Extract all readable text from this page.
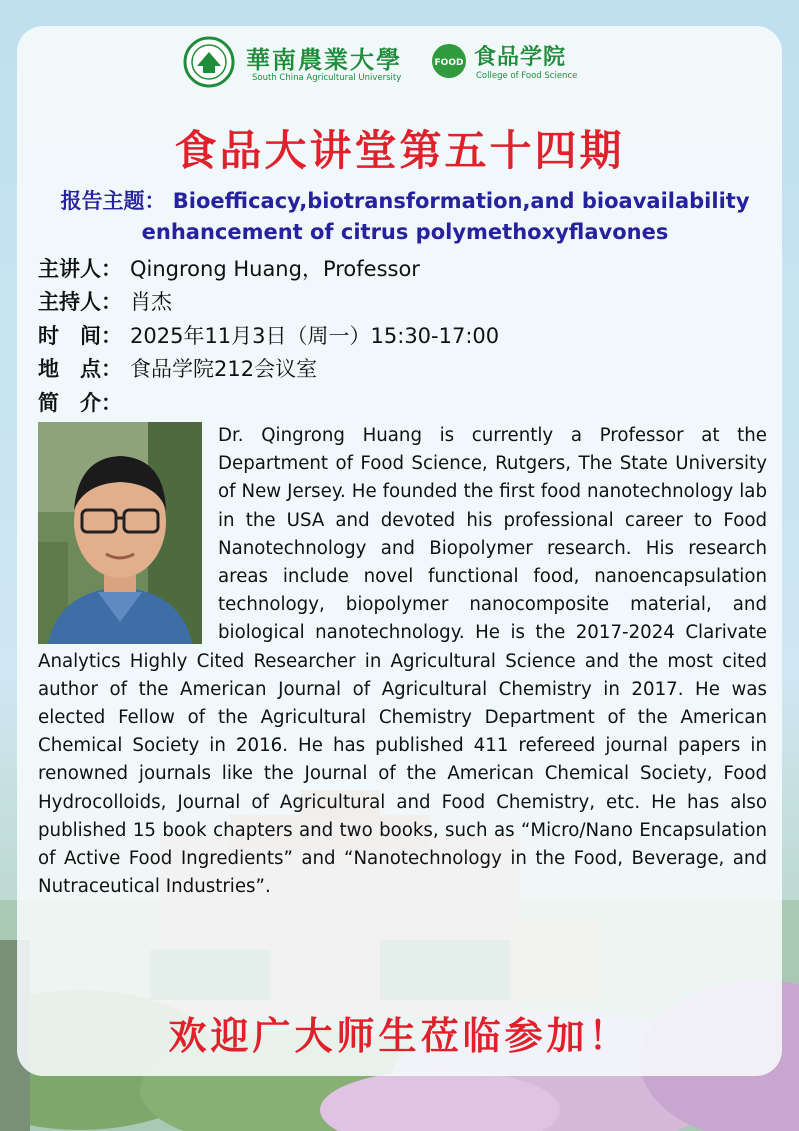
華南農業大學
South China Agricultural University
FOOD 食品学院
College of Food Science
食品大讲堂第五十四期
报告主题： Bioefficacy,biotransformation,and bioavailability enhancement of citrus polymethoxyflavones
主讲人： Qingrong Huang，Professor
主持人： 肖杰
时　间： 2025年11月3日（周一）15:30-17:00
地　点： 食品学院212会议室
简　介：
Dr. Qingrong Huang is currently a Professor at the Department of Food Science, Rutgers, The State University of New Jersey. He founded the first food nanotechnology lab in the USA and devoted his professional career to Food Nanotechnology and Biopolymer research. His research areas include novel functional food, nanoencapsulation technology, biopolymer nanocomposite material, and biological nanotechnology. He is the 2017-2024 Clarivate Analytics Highly Cited Researcher in Agricultural Science and the most cited author of the American Journal of Agricultural Chemistry in 2017. He was elected Fellow of the Agricultural Chemistry Department of the American Chemical Society in 2016. He has published 411 refereed journal papers in renowned journals like the Journal of the American Chemical Society, Food Hydrocolloids, Journal of Agricultural and Food Chemistry, etc. He has also published 15 book chapters and two books, such as “Micro/Nano Encapsulation of Active Food Ingredients” and “Nanotechnology in the Food, Beverage, and Nutraceutical Industries”.
欢迎广大师生莅临参加！
